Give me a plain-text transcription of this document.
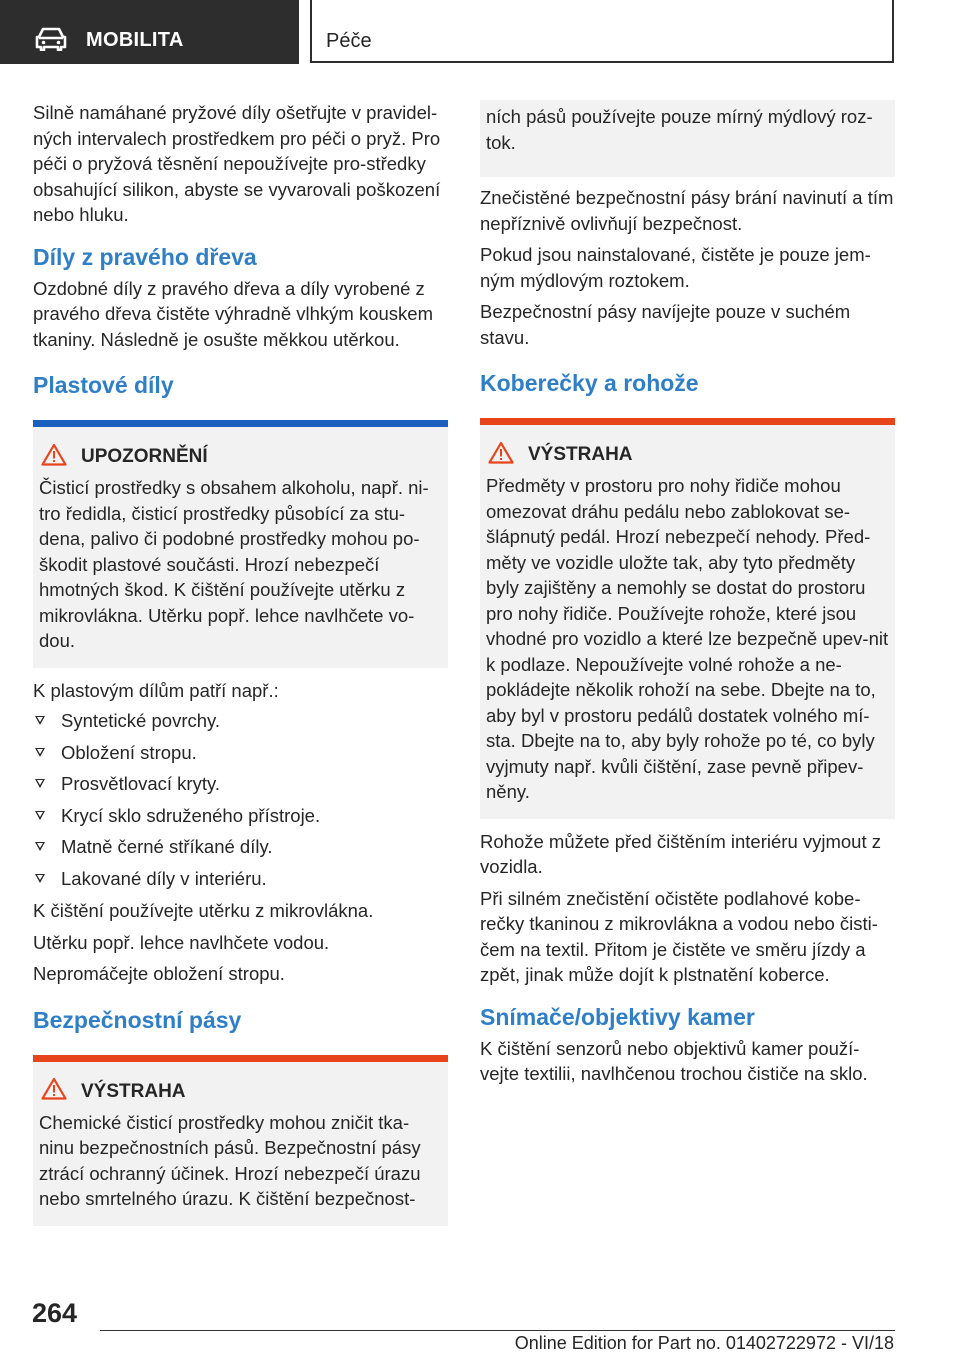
MOBILITA	Péče

Silně namáhané pryžové díly ošetřujte v pravidel-ných intervalech prostředkem pro péči o pryž. Pro péči o pryžová těsnění nepoužívejte pro-středky obsahující silikon, abyste se vyvarovali poškození nebo hluku.

Díly z pravého dřeva

Ozdobné díly z pravého dřeva a díly vyrobené z pravého dřeva čistěte výhradně vlhkým kouskem tkaniny. Následně je osušte měkkou utěrkou.

Plastové díly
UPOZORNĚNÍ

Čisticí prostředky s obsahem alkoholu, např. ni-tro ředidla, čisticí prostředky působící za stu-dena, palivo či podobné prostředky mohou po-škodit plastové součásti. Hrozí nebezpečí hmotných škod. K čištění používejte utěrku z mikrovlákna. Utěrku popř. lehce navlhčete vo-dou.

K plastovým dílům patří např.:

Syntetické povrchy.
Obložení stropu.
Prosvětlovací kryty.
Krycí sklo sdruženého přístroje.
Matně černé stříkané díly.
Lakované díly v interiéru.

K čištění používejte utěrku z mikrovlákna.

Utěrku popř. lehce navlhčete vodou.

Nepromáčejte obložení stropu.

Bezpečnostní pásy
VÝSTRAHA

Chemické čisticí prostředky mohou zničit tka-ninu bezpečnostních pásů. Bezpečnostní pásy ztrácí ochranný účinek. Hrozí nebezpečí úrazu nebo smrtelného úrazu. K čištění bezpečnost-

ních pásů používejte pouze mírný mýdlový roz-tok.

Znečistěné bezpečnostní pásy brání navinutí a tím nepříznivě ovlivňují bezpečnost.

Pokud jsou nainstalované, čistěte je pouze jem-ným mýdlovým roztokem.

Bezpečnostní pásy navíjejte pouze v suchém stavu.

Koberečky a rohože
VÝSTRAHA

Předměty v prostoru pro nohy řidiče mohou omezovat dráhu pedálu nebo zablokovat se-šlápnutý pedál. Hrozí nebezpečí nehody. Před-měty ve vozidle uložte tak, aby tyto předměty byly zajištěny a nemohly se dostat do prostoru pro nohy řidiče. Používejte rohože, které jsou vhodné pro vozidlo a které lze bezpečně upev-nit k podlaze. Nepoužívejte volné rohože a ne-pokládejte několik rohoží na sebe. Dbejte na to, aby byl v prostoru pedálů dostatek volného mí-sta. Dbejte na to, aby byly rohože po té, co byly vyjmuty např. kvůli čištění, zase pevně připev-něny.

Rohože můžete před čištěním interiéru vyjmout z vozidla.

Při silném znečistění očistěte podlahové kobe-rečky tkaninou z mikrovlákna a vodou nebo čisti-čem na textil. Přitom je čistěte ve směru jízdy a zpět, jinak může dojít k plstnatění koberce.

Snímače/objektivy kamer

K čištění senzorů nebo objektivů kamer použí-vejte textilii, navlhčenou trochou čističe na sklo.

264
Online Edition for Part no. 01402722972 - VI/18
